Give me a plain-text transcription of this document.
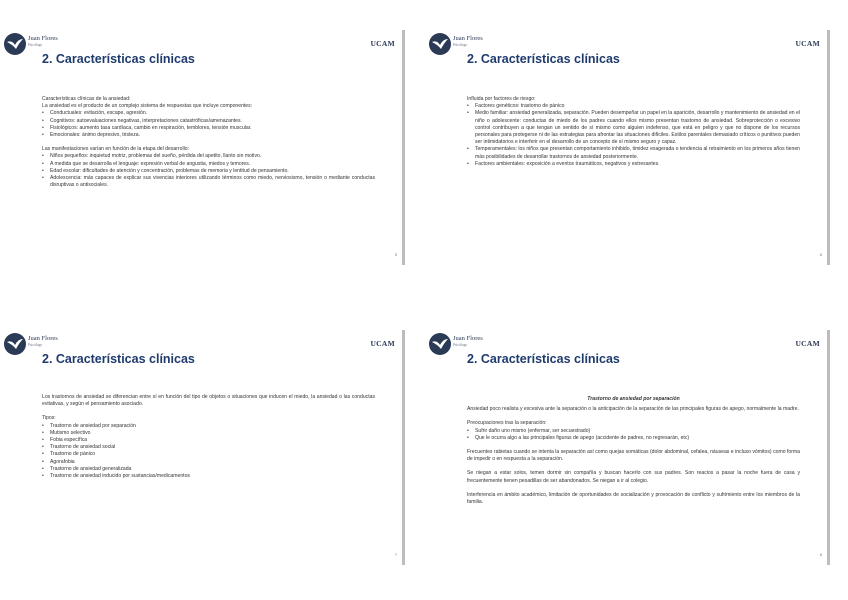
Juan Flores
Psicólogo	UCAM
2. Características clínicas

Características clínicas de la ansiedad:

La ansiedad es el producto de un complejo sistema de respuestas que incluye componentes:

• Conductuales: evitación, escape, agresión.
• Cognitivos: autoevaluaciones negativas, interpretaciones catastróficas/amenazantes.
• Fisiológicos: aumento tasa cardíaca, cambio en respiración, temblores, tensión muscular.
• Emocionales: ánimo depresivo, tristeza.

Las manifestaciones varían en función de la etapa del desarrollo:

• Niños pequeños: inquietud motriz, problemas del sueño, pérdida del apetito, llanto sin motivo.
• A medida que se desarrolla el lenguaje: expresión verbal de angustia, miedos y temores.
• Edad escolar: dificultades de atención y concentración, problemas de memoria y lentitud de pensamiento.
• Adolescencia: más capaces de explicar sus vivencias interiores utilizando términos como miedo, nerviosismo, tensión o mediante conductas disruptivas o antisociales.
5
Juan Flores
Psicólogo	UCAM
2. Características clínicas

Influida por factores de riesgo:

• Factores genéticos: trastorno de pánico
• Medio familiar: ansiedad generalizada, separación. Pueden desempeñar un papel en la aparición, desarrollo y mantenimiento de ansiedad en el niño o adolescente: conductas de miedo de los padres cuando ellos mismo presentan trastorno de ansiedad. Sobreprotección o excesivo control contribuyen a que tengan un sentido de sí mismo como alguien indefenso, que está en peligro y que no dispone de los recursos personales para protegerse ni de las estrategias para afrontar las situaciones difíciles. Estilos parentales demasiado críticos o punitivos pueden ser intimidatorios e interferir en el desarrollo de un concepto de sí mismo seguro y capaz.
• Temperamentales: los niños que presentan comportamiento inhibido, timidez exagerada o tendencia al retraimiento en los primeros años tienen más posibilidades de desarrollar trastornos de ansiedad posteriormente.
• Factores ambientales: exposición a eventos traumáticos, negativos y estresantes.
6
Juan Flores
Psicólogo	UCAM
2. Características clínicas

Los trastornos de ansiedad se diferencian entre sí en función del tipo de objetos o situaciones que inducen el miedo, la ansiedad o las conductas evitativas, y según el pensamiento asociado.

Tipos:

• Trastorno de ansiedad por separación
• Mutismo selectivo
• Fobia específica
• Trastorno de ansiedad social
• Trastorno de pánico
• Agorafobia
• Trastorno de ansiedad generalizada
• Trastorno de ansiedad inducido por sustancias/medicamentos
7
Juan Flores
Psicólogo	UCAM
2. Características clínicas

Trastorno de ansiedad por separación

Ansiedad poco realista y excesiva ante la separación o la anticipación de la separación de las principales figuras de apego, normalmente la madre.

Preocupaciones tras la separación:

• Sufrir daño uno mismo (enfermar, ser secuestrado)
• Que le ocurra algo a las principales figuras de apego (accidente de padres, no regresarán, etc)

Frecuentes rabietas cuando se intenta la separación así como quejas somáticas (dolor abdominal, cefalea, náuseas e incluso vómitos) como forma de impedir o en respuesta a la separación.

Se niegan a estar solos, temen dormir sin compañía y buscan hacerlo con sus padres. Son reacios a pasar la noche fuera de casa y frecuentemente tienen pesadillas de ser abandonados. Se niegan a ir al colegio.

Interferencia en ámbito académico, limitación de oportunidades de socialización y provocación de conflicto y sufrimiento entre los miembros de la familia.

8
